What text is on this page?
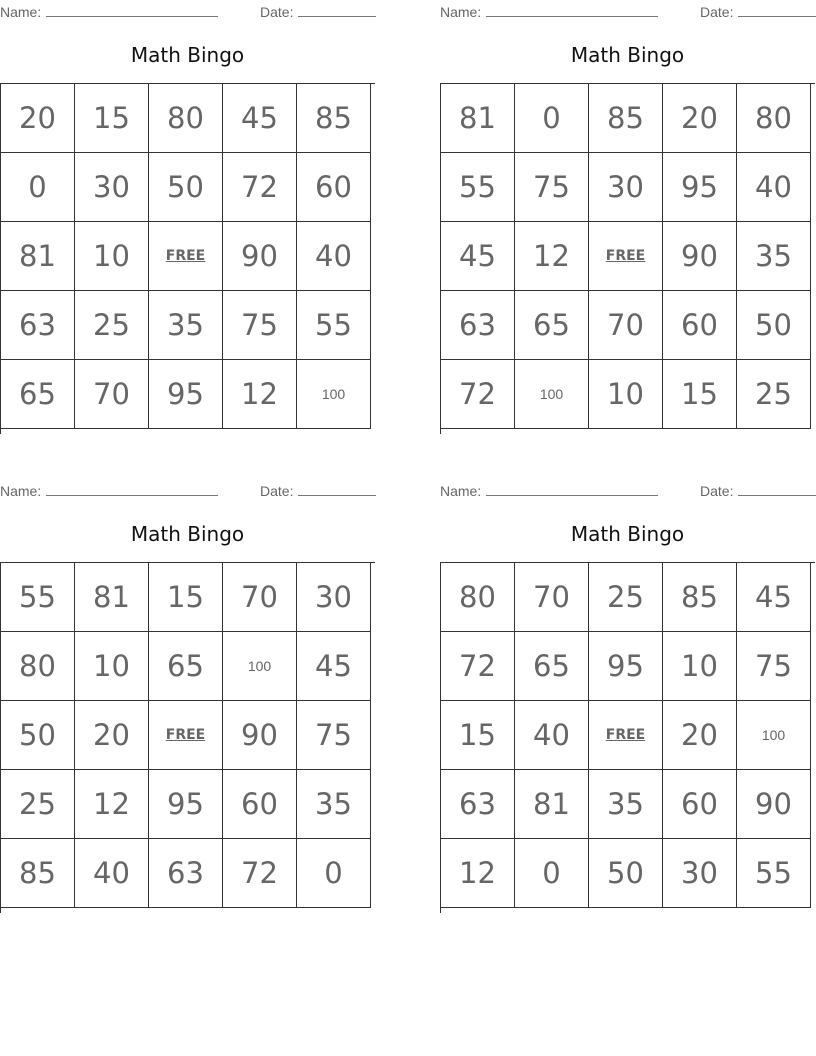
Name:	Date:
Math Bingo
20	15	80	45	85
0	30	50	72	60
81	10	FREE	90	40
63	25	35	75	55
65	70	95	12	100
Name:	Date:
Math Bingo
81	0	85	20	80
55	75	30	95	40
45	12	FREE	90	35
63	65	70	60	50
72	100	10	15	25
Name:	Date:
Math Bingo
55	81	15	70	30
80	10	65	100	45
50	20	FREE	90	75
25	12	95	60	35
85	40	63	72	0
Name:	Date:
Math Bingo
80	70	25	85	45
72	65	95	10	75
15	40	FREE	20	100
63	81	35	60	90
12	0	50	30	55
